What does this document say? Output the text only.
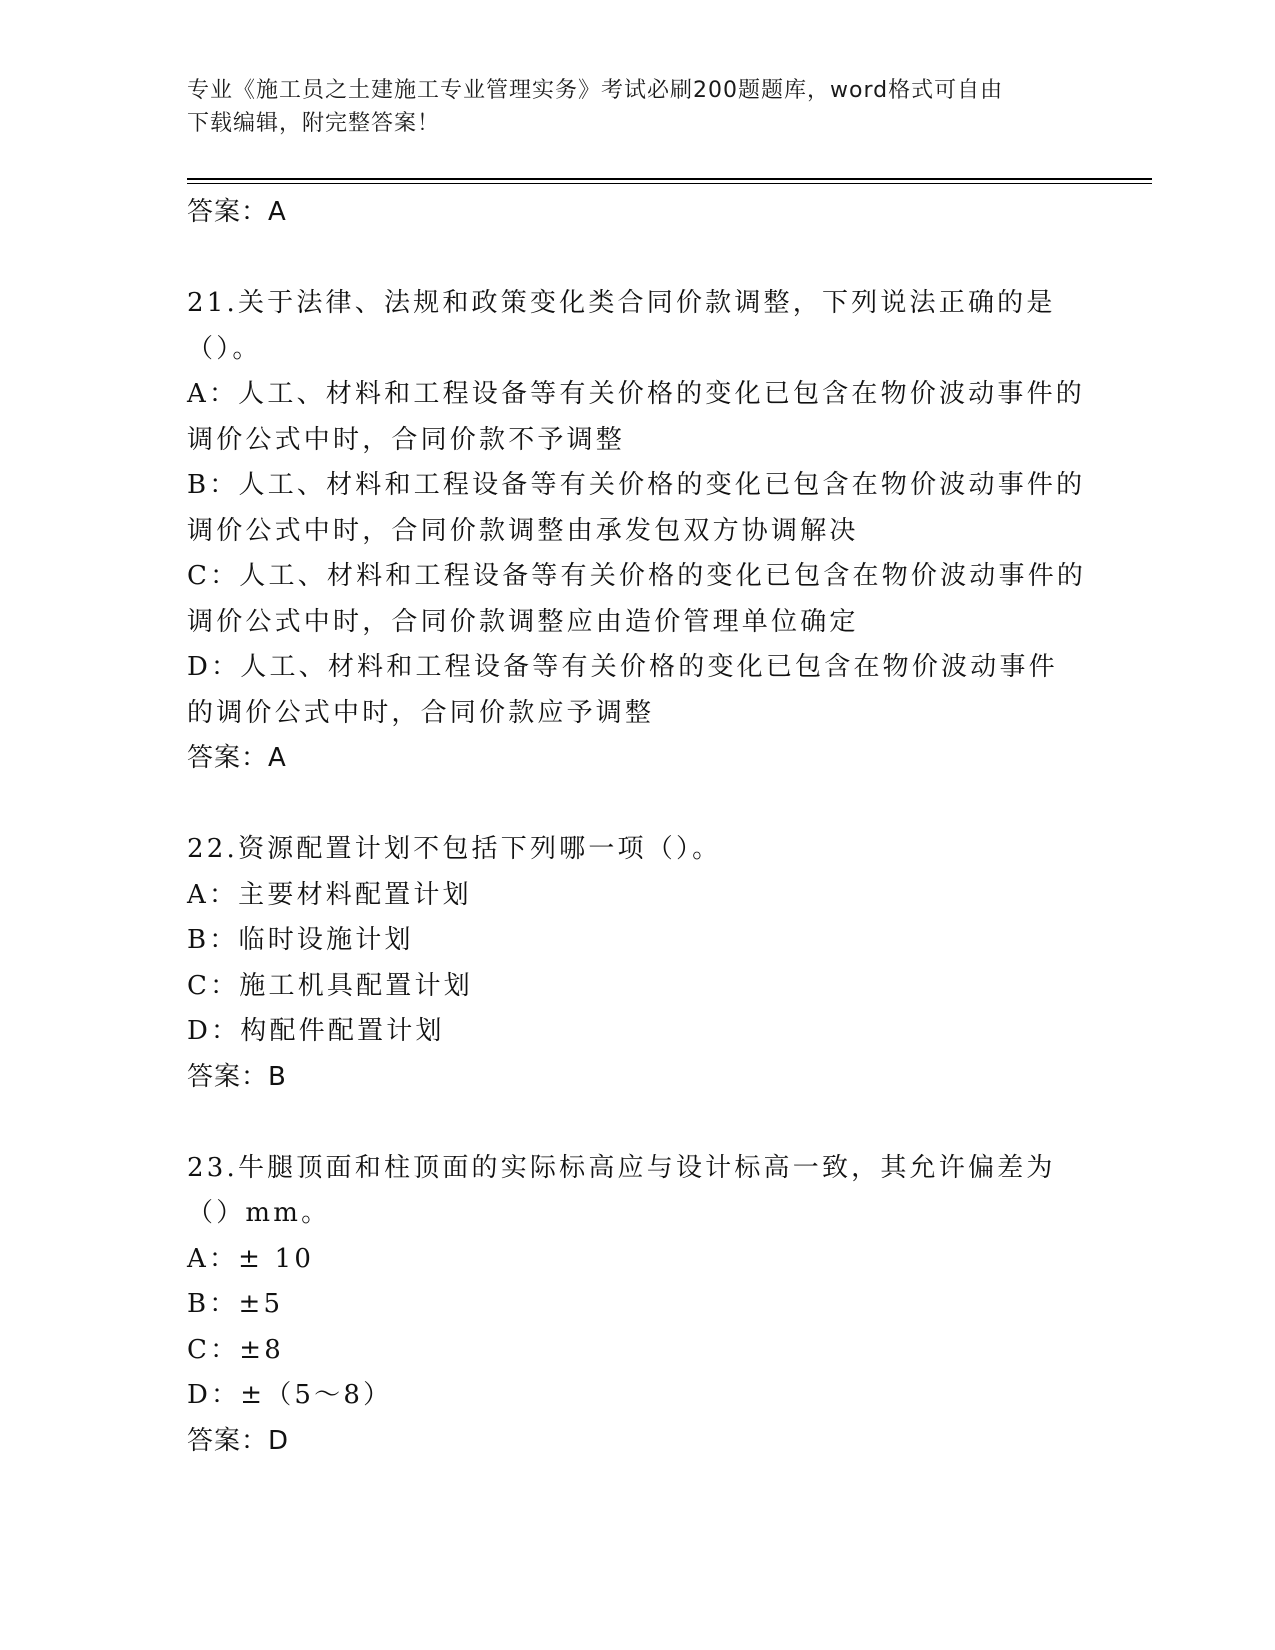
专业《施工员之土建施工专业管理实务》考试必刷200题题库，word格式可自由
下载编辑，附完整答案！
答案：A

21.关于法律、法规和政策变化类合同价款调整，下列说法正确的是（）。

A：人工、材料和工程设备等有关价格的变化已包含在物价波动事件的调价公式中时，合同价款不予调整

B：人工、材料和工程设备等有关价格的变化已包含在物价波动事件的调价公式中时，合同价款调整由承发包双方协调解决

C：人工、材料和工程设备等有关价格的变化已包含在物价波动事件的调价公式中时，合同价款调整应由造价管理单位确定

D：人工、材料和工程设备等有关价格的变化已包含在物价波动事件的调价公式中时，合同价款应予调整

答案：A

22.资源配置计划不包括下列哪一项（）。

A：主要材料配置计划

B：临时设施计划

C：施工机具配置计划

D：构配件配置计划

答案：B

23.牛腿顶面和柱顶面的实际标高应与设计标高一致，其允许偏差为（）mm。

A：± 10

B：±5

C：±8

D：±（5～8）

答案：D
